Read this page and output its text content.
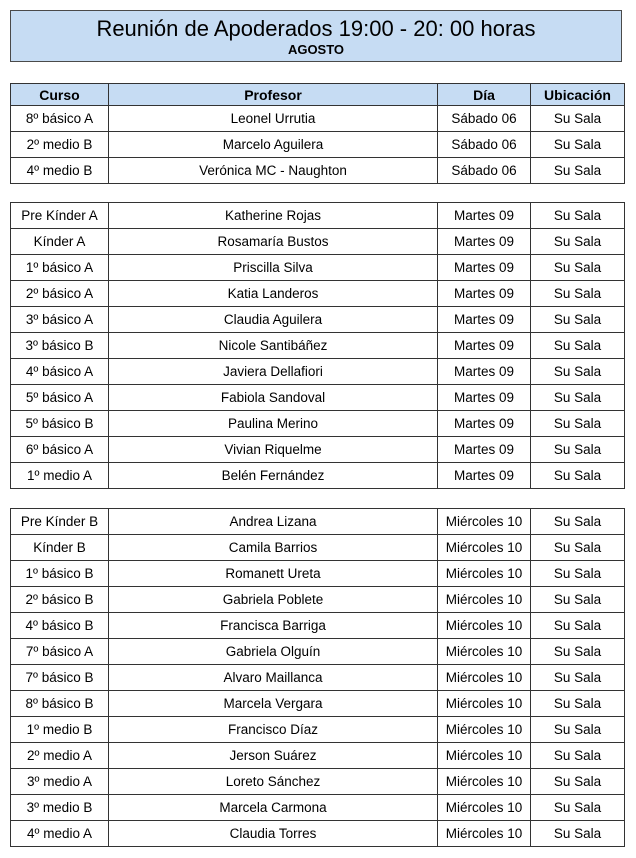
Reunión de Apoderados 19:00 - 20: 00 horas
AGOSTO
Curso	Profesor	Día	Ubicación
8º básico A	Leonel Urrutia	Sábado 06	Su Sala
2º medio B	Marcelo Aguilera	Sábado 06	Su Sala
4º medio B	Verónica MC - Naughton	Sábado 06	Su Sala
Pre Kínder A	Katherine Rojas	Martes 09	Su Sala
Kínder A	Rosamaría Bustos	Martes 09	Su Sala
1º básico A	Priscilla Silva	Martes 09	Su Sala
2º básico A	Katia Landeros	Martes 09	Su Sala
3º básico A	Claudia Aguilera	Martes 09	Su Sala
3º básico B	Nicole Santibáñez	Martes 09	Su Sala
4º básico A	Javiera Dellafiori	Martes 09	Su Sala
5º básico A	Fabiola Sandoval	Martes 09	Su Sala
5º básico B	Paulina Merino	Martes 09	Su Sala
6º básico A	Vivian Riquelme	Martes 09	Su Sala
1º medio A	Belén Fernández	Martes 09	Su Sala
Pre Kínder B	Andrea Lizana	Miércoles 10	Su Sala
Kínder B	Camila Barrios	Miércoles 10	Su Sala
1º básico B	Romanett Ureta	Miércoles 10	Su Sala
2º básico B	Gabriela Poblete	Miércoles 10	Su Sala
4º básico B	Francisca Barriga	Miércoles 10	Su Sala
7º básico A	Gabriela Olguín	Miércoles 10	Su Sala
7º básico B	Alvaro Maillanca	Miércoles 10	Su Sala
8º básico B	Marcela Vergara	Miércoles 10	Su Sala
1º medio B	Francisco Díaz	Miércoles 10	Su Sala
2º medio A	Jerson Suárez	Miércoles 10	Su Sala
3º medio A	Loreto Sánchez	Miércoles 10	Su Sala
3º medio B	Marcela Carmona	Miércoles 10	Su Sala
4º medio A	Claudia Torres	Miércoles 10	Su Sala
